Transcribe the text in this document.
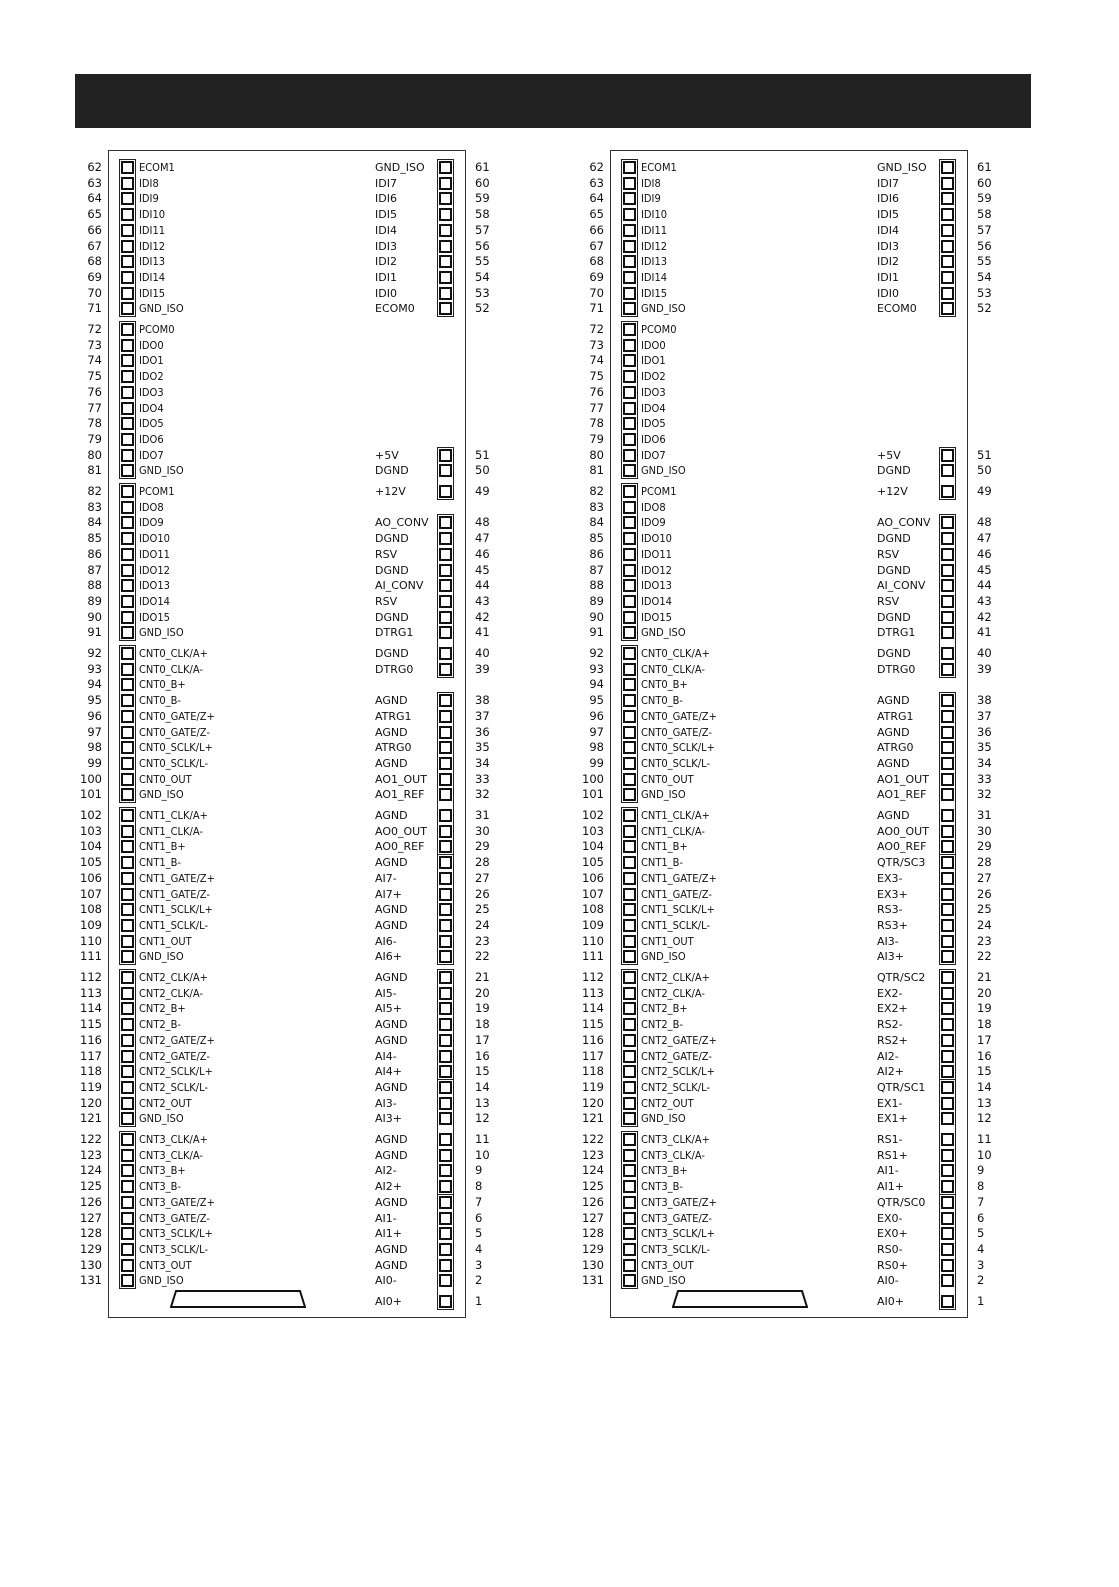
62	ECOM1
63	IDI8
64	IDI9
65	IDI10
66	IDI11
67	IDI12
68	IDI13
69	IDI14
70	IDI15
71	GND_ISO
72	PCOM0
73	IDO0
74	IDO1
75	IDO2
76	IDO3
77	IDO4
78	IDO5
79	IDO6
80	IDO7
81	GND_ISO
82	PCOM1
83	IDO8
84	IDO9
85	IDO10
86	IDO11
87	IDO12
88	IDO13
89	IDO14
90	IDO15
91	GND_ISO
92	CNT0_CLK/A+
93	CNT0_CLK/A-
94	CNT0_B+
95	CNT0_B-
96	CNT0_GATE/Z+
97	CNT0_GATE/Z-
98	CNT0_SCLK/L+
99	CNT0_SCLK/L-
100	CNT0_OUT
101	GND_ISO
102	CNT1_CLK/A+
103	CNT1_CLK/A-
104	CNT1_B+
105	CNT1_B-
106	CNT1_GATE/Z+
107	CNT1_GATE/Z-
108	CNT1_SCLK/L+
109	CNT1_SCLK/L-
110	CNT1_OUT
111	GND_ISO
112	CNT2_CLK/A+
113	CNT2_CLK/A-
114	CNT2_B+
115	CNT2_B-
116	CNT2_GATE/Z+
117	CNT2_GATE/Z-
118	CNT2_SCLK/L+
119	CNT2_SCLK/L-
120	CNT2_OUT
121	GND_ISO
122	CNT3_CLK/A+
123	CNT3_CLK/A-
124	CNT3_B+
125	CNT3_B-
126	CNT3_GATE/Z+
127	CNT3_GATE/Z-
128	CNT3_SCLK/L+
129	CNT3_SCLK/L-
130	CNT3_OUT
131	GND_ISO
GND_ISO	61
IDI7	60
IDI6	59
IDI5	58
IDI4	57
IDI3	56
IDI2	55
IDI1	54
IDI0	53
ECOM0	52
+5V	51
DGND	50
+12V	49
AO_CONV	48
DGND	47
RSV	46
DGND	45
AI_CONV	44
RSV	43
DGND	42
DTRG1	41
DGND	40
DTRG0	39
AGND	38
ATRG1	37
AGND	36
ATRG0	35
AGND	34
AO1_OUT	33
AO1_REF	32
AGND	31
AO0_OUT	30
AO0_REF	29
AGND	28
AI7-	27
AI7+	26
AGND	25
AGND	24
AI6-	23
AI6+	22
AGND	21
AI5-	20
AI5+	19
AGND	18
AGND	17
AI4-	16
AI4+	15
AGND	14
AI3-	13
AI3+	12
AGND	11
AGND	10
AI2-	9
AI2+	8
AGND	7
AI1-	6
AI1+	5
AGND	4
AGND	3
AI0-	2
AI0+	1
62	ECOM1
63	IDI8
64	IDI9
65	IDI10
66	IDI11
67	IDI12
68	IDI13
69	IDI14
70	IDI15
71	GND_ISO
72	PCOM0
73	IDO0
74	IDO1
75	IDO2
76	IDO3
77	IDO4
78	IDO5
79	IDO6
80	IDO7
81	GND_ISO
82	PCOM1
83	IDO8
84	IDO9
85	IDO10
86	IDO11
87	IDO12
88	IDO13
89	IDO14
90	IDO15
91	GND_ISO
92	CNT0_CLK/A+
93	CNT0_CLK/A-
94	CNT0_B+
95	CNT0_B-
96	CNT0_GATE/Z+
97	CNT0_GATE/Z-
98	CNT0_SCLK/L+
99	CNT0_SCLK/L-
100	CNT0_OUT
101	GND_ISO
102	CNT1_CLK/A+
103	CNT1_CLK/A-
104	CNT1_B+
105	CNT1_B-
106	CNT1_GATE/Z+
107	CNT1_GATE/Z-
108	CNT1_SCLK/L+
109	CNT1_SCLK/L-
110	CNT1_OUT
111	GND_ISO
112	CNT2_CLK/A+
113	CNT2_CLK/A-
114	CNT2_B+
115	CNT2_B-
116	CNT2_GATE/Z+
117	CNT2_GATE/Z-
118	CNT2_SCLK/L+
119	CNT2_SCLK/L-
120	CNT2_OUT
121	GND_ISO
122	CNT3_CLK/A+
123	CNT3_CLK/A-
124	CNT3_B+
125	CNT3_B-
126	CNT3_GATE/Z+
127	CNT3_GATE/Z-
128	CNT3_SCLK/L+
129	CNT3_SCLK/L-
130	CNT3_OUT
131	GND_ISO
GND_ISO	61
IDI7	60
IDI6	59
IDI5	58
IDI4	57
IDI3	56
IDI2	55
IDI1	54
IDI0	53
ECOM0	52
+5V	51
DGND	50
+12V	49
AO_CONV	48
DGND	47
RSV	46
DGND	45
AI_CONV	44
RSV	43
DGND	42
DTRG1	41
DGND	40
DTRG0	39
AGND	38
ATRG1	37
AGND	36
ATRG0	35
AGND	34
AO1_OUT	33
AO1_REF	32
AGND	31
AO0_OUT	30
AO0_REF	29
QTR/SC3	28
EX3-	27
EX3+	26
RS3-	25
RS3+	24
AI3-	23
AI3+	22
QTR/SC2	21
EX2-	20
EX2+	19
RS2-	18
RS2+	17
AI2-	16
AI2+	15
QTR/SC1	14
EX1-	13
EX1+	12
RS1-	11
RS1+	10
AI1-	9
AI1+	8
QTR/SC0	7
EX0-	6
EX0+	5
RS0-	4
RS0+	3
AI0-	2
AI0+	1
